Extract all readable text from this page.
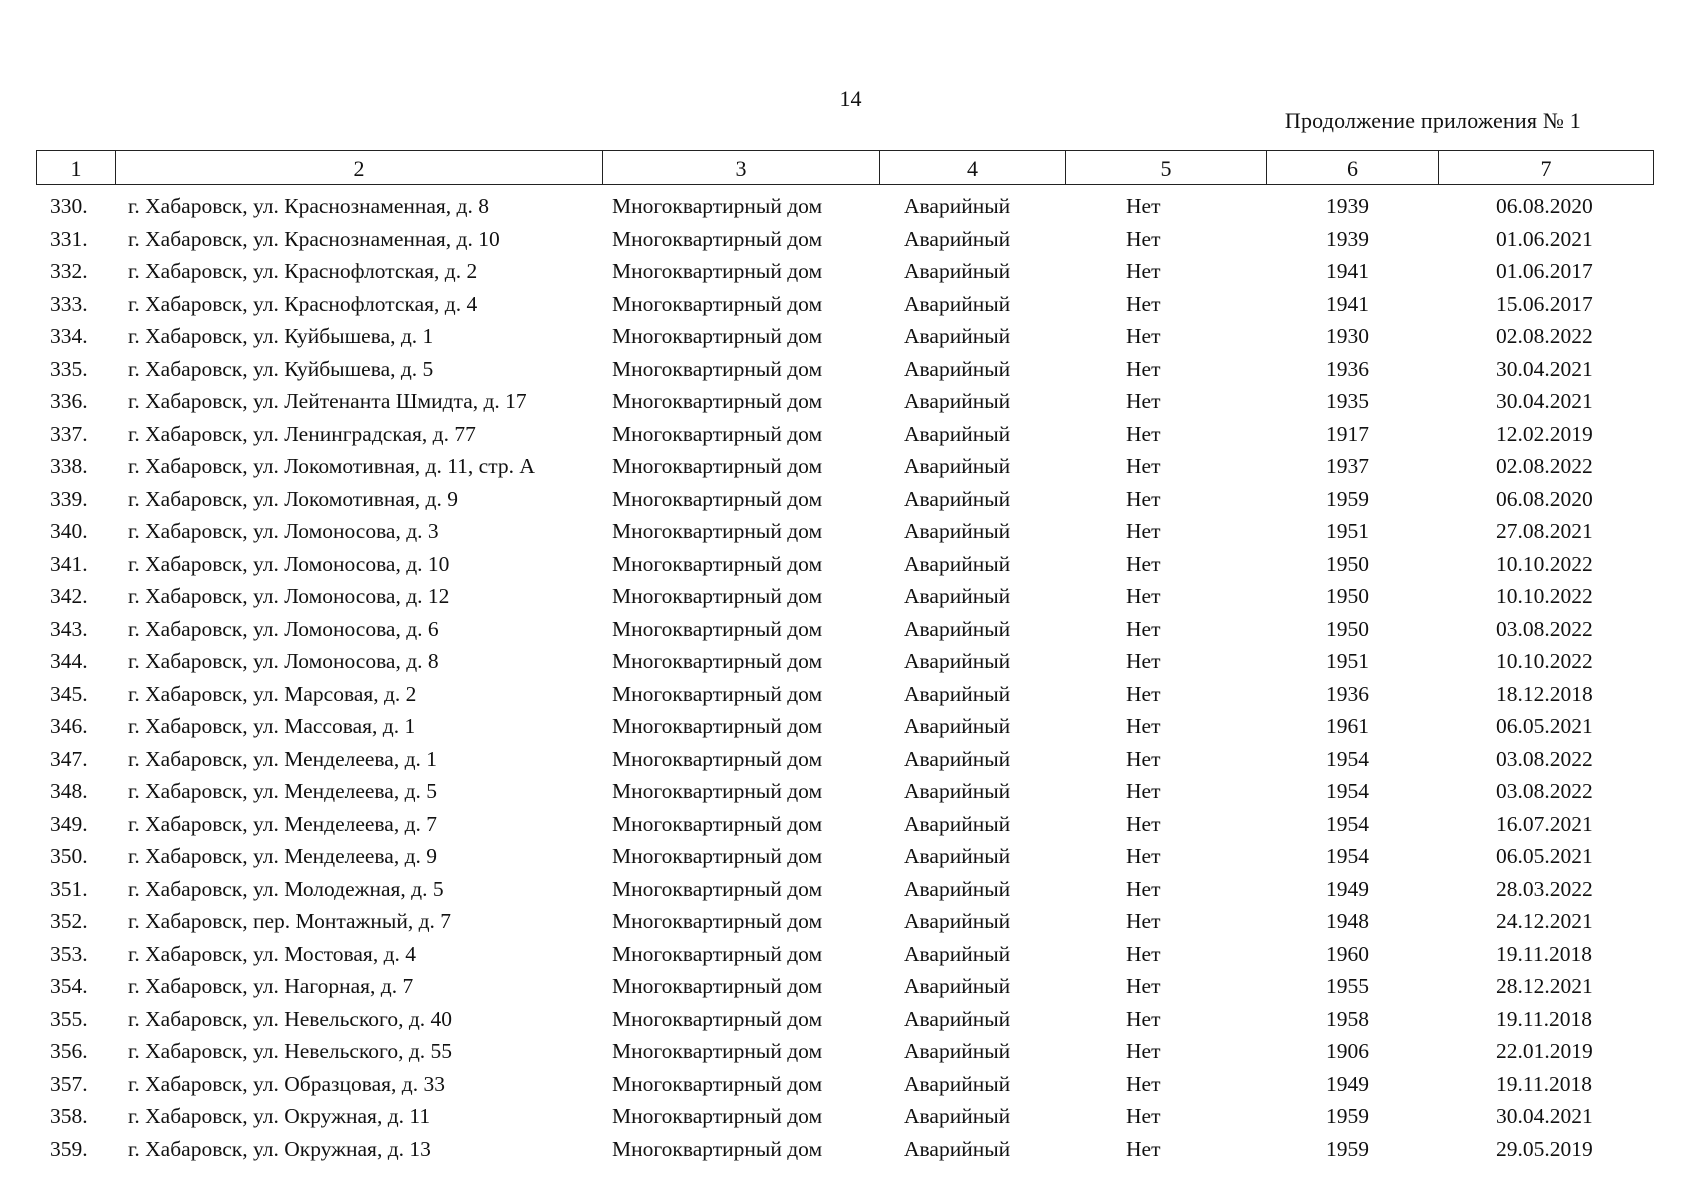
14
Продолжение приложения № 1
1	2	3	4	5	6	7
330.	г. Хабаровск, ул. Краснознаменная, д. 8	Многоквартирный дом	Аварийный	Нет	1939	06.08.2020
331.	г. Хабаровск, ул. Краснознаменная, д. 10	Многоквартирный дом	Аварийный	Нет	1939	01.06.2021
332.	г. Хабаровск, ул. Краснофлотская, д. 2	Многоквартирный дом	Аварийный	Нет	1941	01.06.2017
333.	г. Хабаровск, ул. Краснофлотская, д. 4	Многоквартирный дом	Аварийный	Нет	1941	15.06.2017
334.	г. Хабаровск, ул. Куйбышева, д. 1	Многоквартирный дом	Аварийный	Нет	1930	02.08.2022
335.	г. Хабаровск, ул. Куйбышева, д. 5	Многоквартирный дом	Аварийный	Нет	1936	30.04.2021
336.	г. Хабаровск, ул. Лейтенанта Шмидта, д. 17	Многоквартирный дом	Аварийный	Нет	1935	30.04.2021
337.	г. Хабаровск, ул. Ленинградская, д. 77	Многоквартирный дом	Аварийный	Нет	1917	12.02.2019
338.	г. Хабаровск, ул. Локомотивная, д. 11, стр. А	Многоквартирный дом	Аварийный	Нет	1937	02.08.2022
339.	г. Хабаровск, ул. Локомотивная, д. 9	Многоквартирный дом	Аварийный	Нет	1959	06.08.2020
340.	г. Хабаровск, ул. Ломоносова, д. 3	Многоквартирный дом	Аварийный	Нет	1951	27.08.2021
341.	г. Хабаровск, ул. Ломоносова, д. 10	Многоквартирный дом	Аварийный	Нет	1950	10.10.2022
342.	г. Хабаровск, ул. Ломоносова, д. 12	Многоквартирный дом	Аварийный	Нет	1950	10.10.2022
343.	г. Хабаровск, ул. Ломоносова, д. 6	Многоквартирный дом	Аварийный	Нет	1950	03.08.2022
344.	г. Хабаровск, ул. Ломоносова, д. 8	Многоквартирный дом	Аварийный	Нет	1951	10.10.2022
345.	г. Хабаровск, ул. Марсовая, д. 2	Многоквартирный дом	Аварийный	Нет	1936	18.12.2018
346.	г. Хабаровск, ул. Массовая, д. 1	Многоквартирный дом	Аварийный	Нет	1961	06.05.2021
347.	г. Хабаровск, ул. Менделеева, д. 1	Многоквартирный дом	Аварийный	Нет	1954	03.08.2022
348.	г. Хабаровск, ул. Менделеева, д. 5	Многоквартирный дом	Аварийный	Нет	1954	03.08.2022
349.	г. Хабаровск, ул. Менделеева, д. 7	Многоквартирный дом	Аварийный	Нет	1954	16.07.2021
350.	г. Хабаровск, ул. Менделеева, д. 9	Многоквартирный дом	Аварийный	Нет	1954	06.05.2021
351.	г. Хабаровск, ул. Молодежная, д. 5	Многоквартирный дом	Аварийный	Нет	1949	28.03.2022
352.	г. Хабаровск, пер. Монтажный, д. 7	Многоквартирный дом	Аварийный	Нет	1948	24.12.2021
353.	г. Хабаровск, ул. Мостовая, д. 4	Многоквартирный дом	Аварийный	Нет	1960	19.11.2018
354.	г. Хабаровск, ул. Нагорная, д. 7	Многоквартирный дом	Аварийный	Нет	1955	28.12.2021
355.	г. Хабаровск, ул. Невельского, д. 40	Многоквартирный дом	Аварийный	Нет	1958	19.11.2018
356.	г. Хабаровск, ул. Невельского, д. 55	Многоквартирный дом	Аварийный	Нет	1906	22.01.2019
357.	г. Хабаровск, ул. Образцовая, д. 33	Многоквартирный дом	Аварийный	Нет	1949	19.11.2018
358.	г. Хабаровск, ул. Окружная, д. 11	Многоквартирный дом	Аварийный	Нет	1959	30.04.2021
359.	г. Хабаровск, ул. Окружная, д. 13	Многоквартирный дом	Аварийный	Нет	1959	29.05.2019
